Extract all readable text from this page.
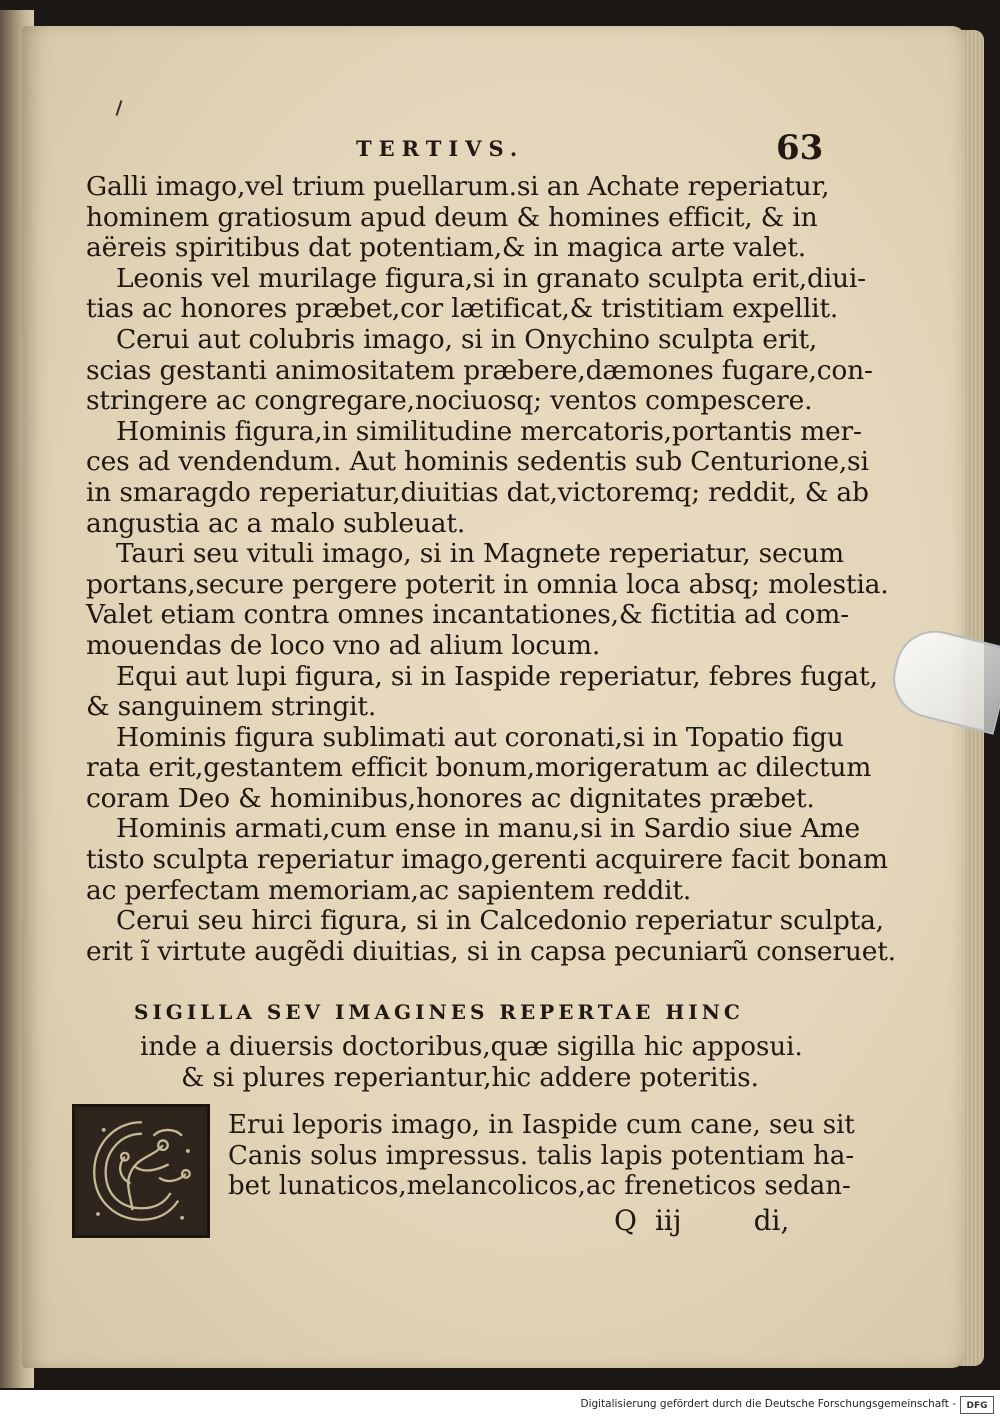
TERTIVS.	63
Galli imago,vel trium puellarum.si an Achate reperiatur,
hominem gratiosum apud deum & homines efficit, & in
aëreis spiritibus dat potentiam,& in magica arte valet.
Leonis vel murilage figura,si in granato sculpta erit,diui-
tias ac honores præbet,cor lætificat,& tristitiam expellit.
Cerui aut colubris imago, si in Onychino sculpta erit,
scias gestanti animositatem præbere,dæmones fugare,con-
stringere ac congregare,nociuosq; ventos compescere.
Hominis figura,in similitudine mercatoris,portantis mer-
ces ad vendendum. Aut hominis sedentis sub Centurione,si
in smaragdo reperiatur,diuitias dat,victoremq; reddit, & ab
angustia ac a malo subleuat.
Tauri seu vituli imago, si in Magnete reperiatur, secum
portans,secure pergere poterit in omnia loca absq; molestia.
Valet etiam contra omnes incantationes,& fictitia ad com-
mouendas de loco vno ad alium locum.
Equi aut lupi figura, si in Iaspide reperiatur, febres fugat,
& sanguinem stringit.
Hominis figura sublimati aut coronati,si in Topatio figu
rata erit,gestantem efficit bonum,morigeratum ac dilectum
coram Deo & hominibus,honores ac dignitates præbet.
Hominis armati,cum ense in manu,si in Sardio siue Ame
tisto sculpta reperiatur imago,gerenti acquirere facit bonam
ac perfectam memoriam,ac sapientem reddit.
Cerui seu hirci figura, si in Calcedonio reperiatur sculpta,
erit ĩ virtute augẽdi diuitias, si in capsa pecuniarũ conseruet.
SIGILLA SEV IMAGINES REPERTAE HINC
inde a diuersis doctoribus,quæ sigilla hic apposui.
& si plures reperiantur,hic addere poteritis.
Erui leporis imago, in Iaspide cum cane, seu sit
Canis solus impressus. talis lapis potentiam ha-
bet lunaticos,melancolicos,ac freneticos sedan-
Q iij	di,
Digitalisierung gefördert durch die Deutsche Forschungsgemeinschaft -	DFG
